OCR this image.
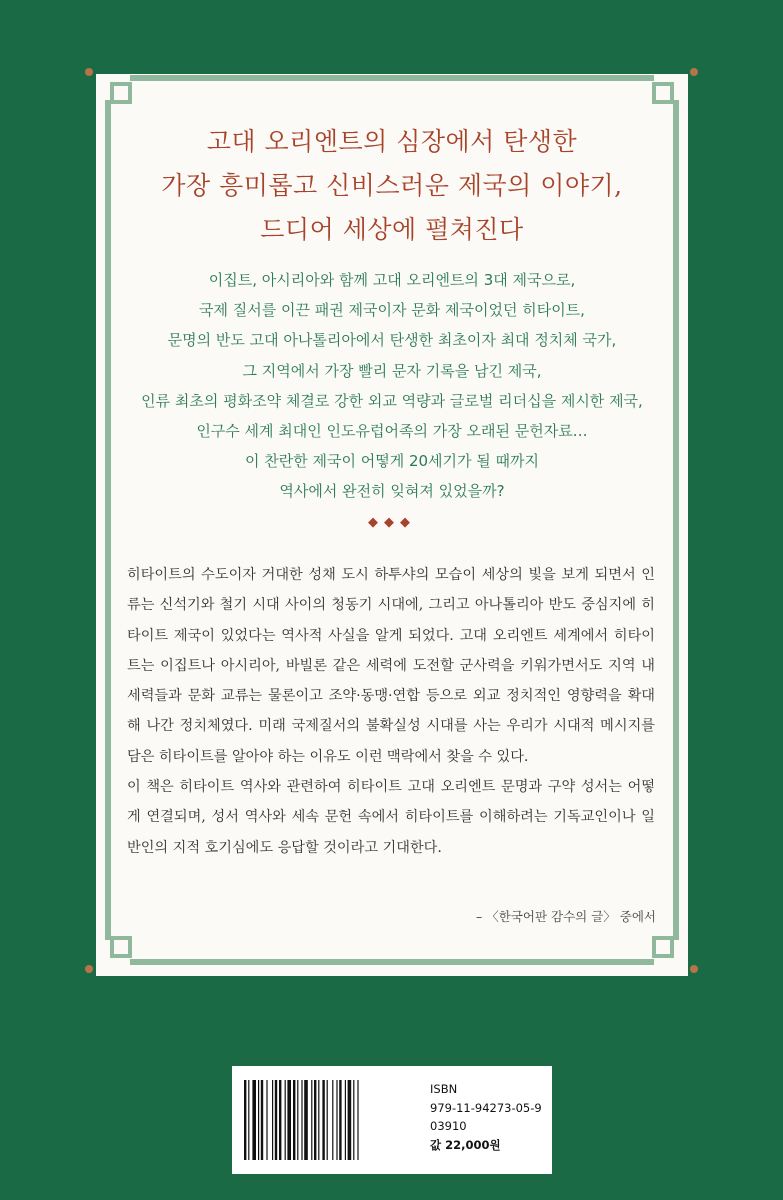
고대 오리엔트의 심장에서 탄생한
가장 흥미롭고 신비스러운 제국의 이야기,
드디어 세상에 펼쳐진다
이집트, 아시리아와 함께 고대 오리엔트의 3대 제국으로,
국제 질서를 이끈 패권 제국이자 문화 제국이었던 히타이트,
문명의 반도 고대 아나톨리아에서 탄생한 최초이자 최대 정치체 국가,
그 지역에서 가장 빨리 문자 기록을 남긴 제국,
인류 최초의 평화조약 체결로 강한 외교 역량과 글로벌 리더십을 제시한 제국,
인구수 세계 최대인 인도유럽어족의 가장 오래된 문헌자료…
이 찬란한 제국이 어떻게 20세기가 될 때까지
역사에서 완전히 잊혀져 있었을까?
◆◆◆

히타이트의 수도이자 거대한 성채 도시 하투샤의 모습이 세상의 빛을 보게 되면서 인류는 신석기와 철기 시대 사이의 청동기 시대에, 그리고 아나톨리아 반도 중심지에 히타이트 제국이 있었다는 역사적 사실을 알게 되었다. 고대 오리엔트 세계에서 히타이트는 이집트나 아시리아, 바빌론 같은 세력에 도전할 군사력을 키워가면서도 지역 내 세력들과 문화 교류는 물론이고 조약·동맹·연합 등으로 외교 정치적인 영향력을 확대해 나간 정치체였다. 미래 국제질서의 불확실성 시대를 사는 우리가 시대적 메시지를 담은 히타이트를 알아야 하는 이유도 이런 맥락에서 찾을 수 있다.

이 책은 히타이트 역사와 관련하여 히타이트 고대 오리엔트 문명과 구약 성서는 어떻게 연결되며, 성서 역사와 세속 문헌 속에서 히타이트를 이해하려는 기독교인이나 일반인의 지적 호기심에도 응답할 것이라고 기대한다.

– 〈한국어판 감수의 글〉 중에서
ISBN
979-11-94273-05-9
03910
값 22,000원
